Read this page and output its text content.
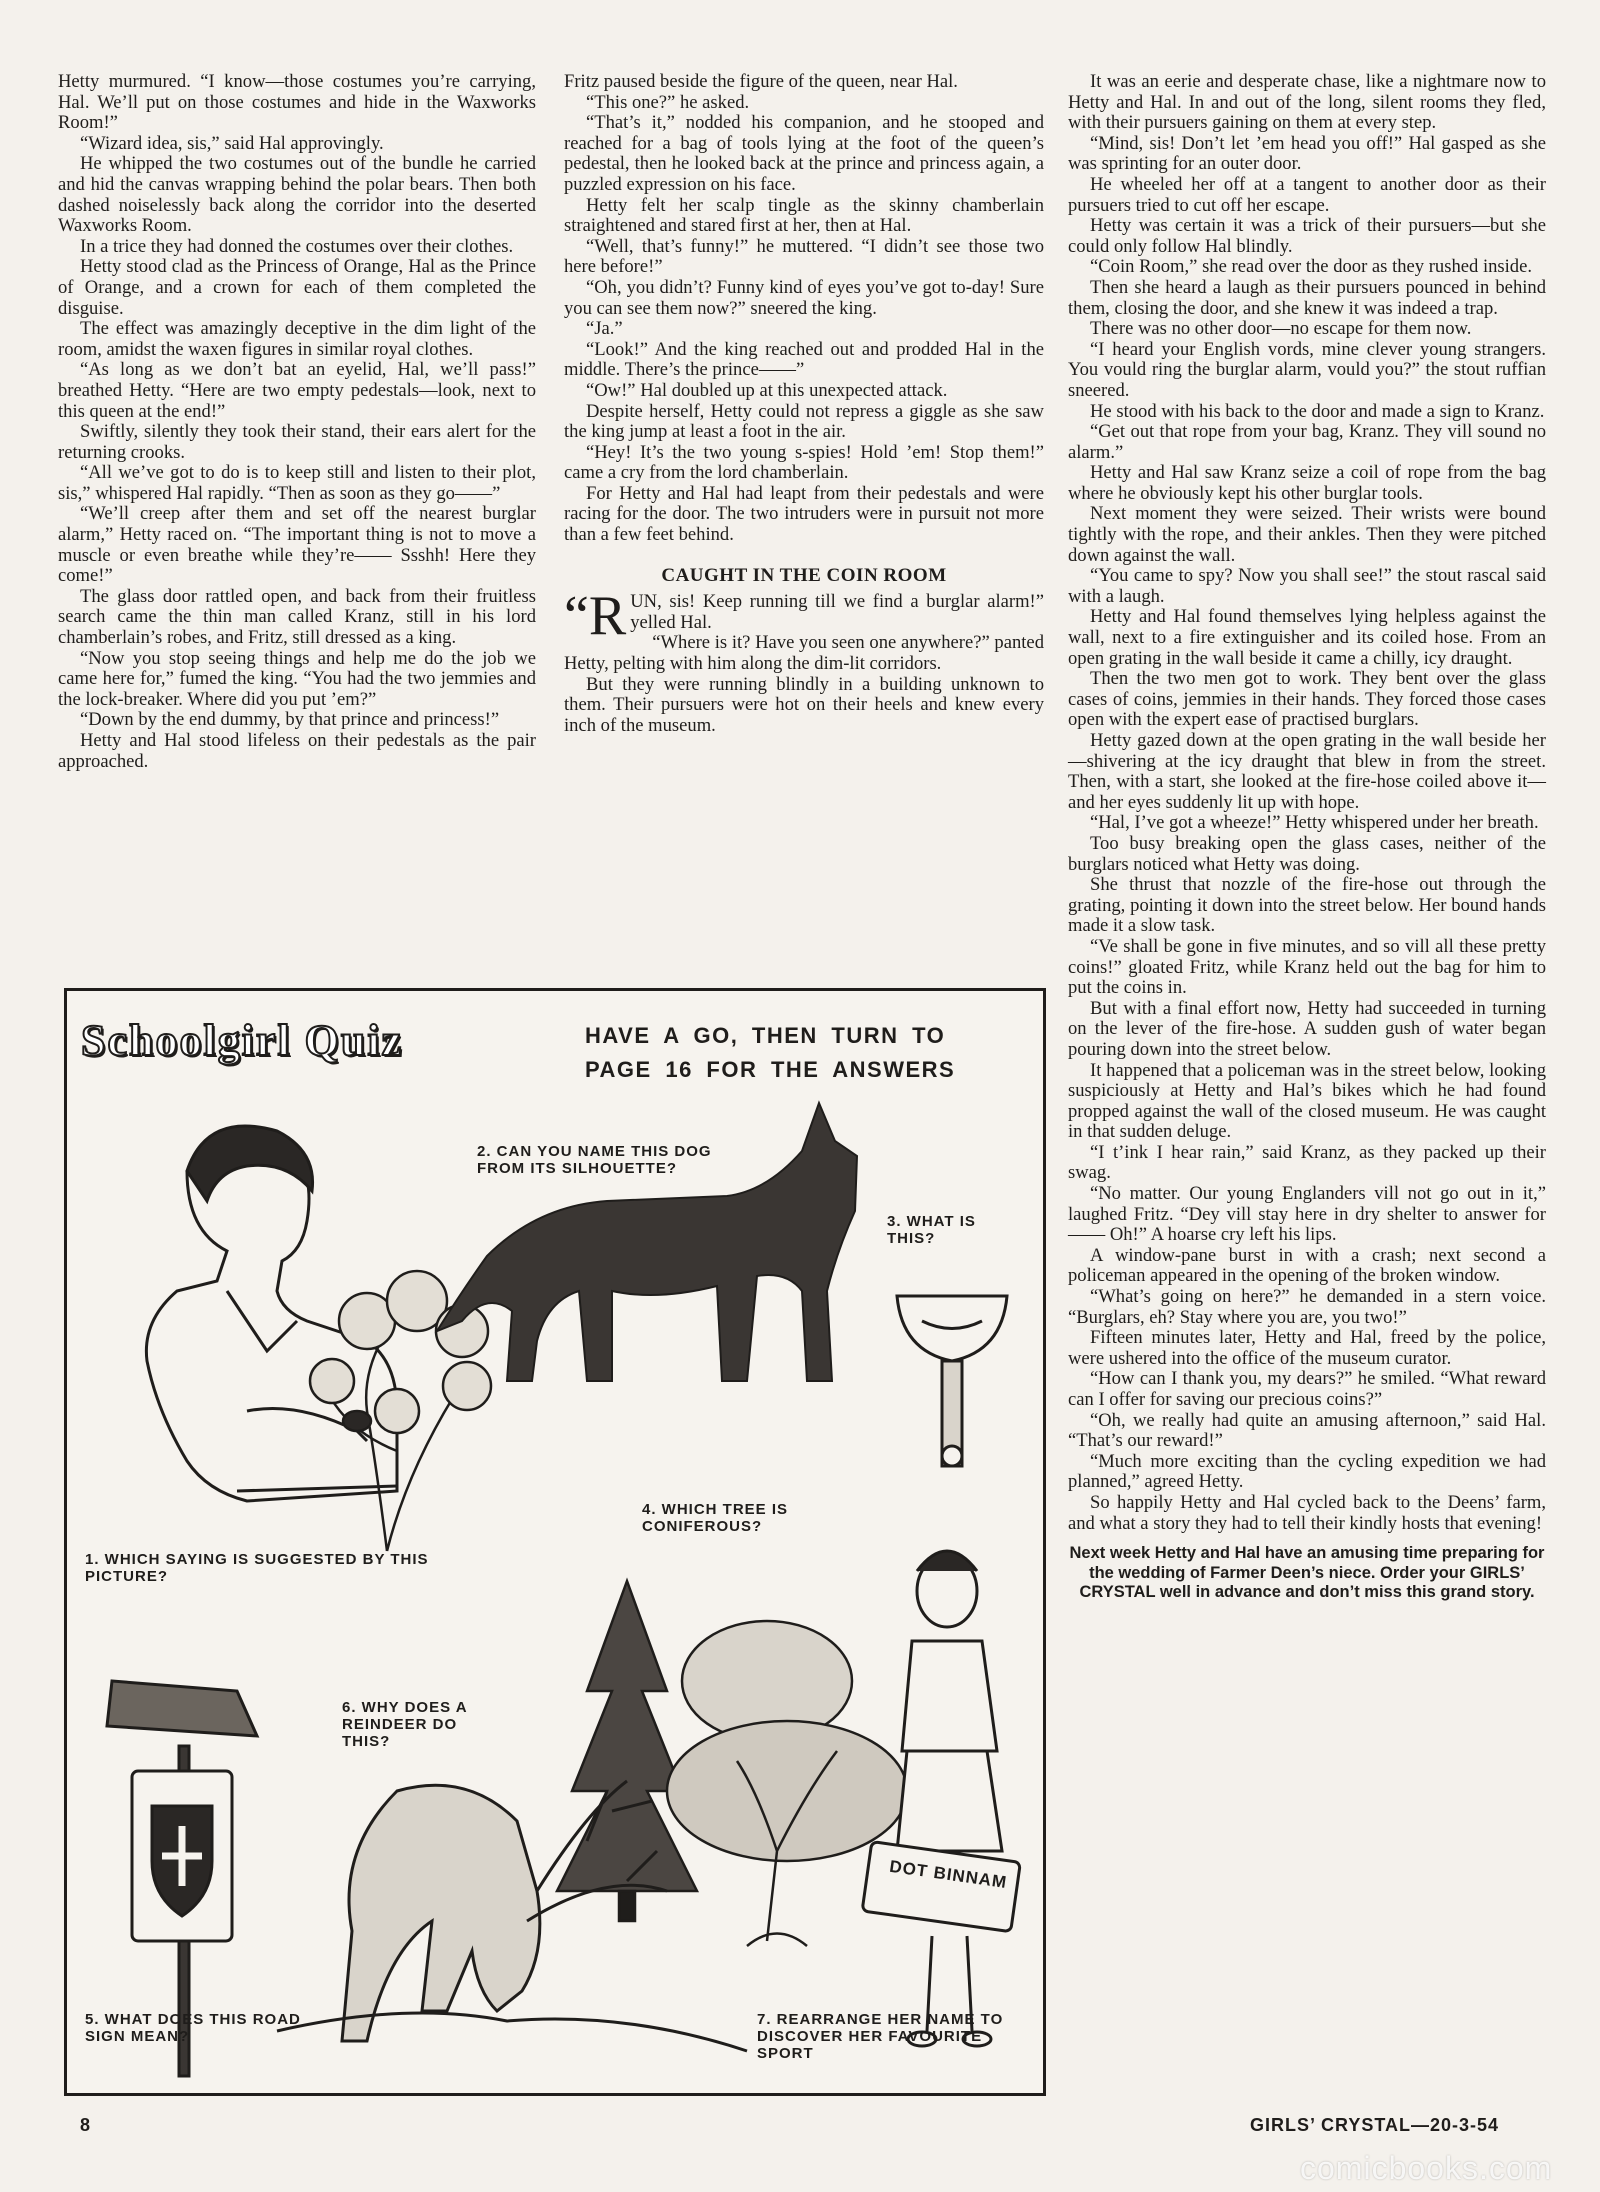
Hetty murmured. “I know—those costumes you’re carrying, Hal. We’ll put on those costumes and hide in the Waxworks Room!”

“Wizard idea, sis,” said Hal approvingly.

He whipped the two costumes out of the bundle he carried and hid the canvas wrapping behind the polar bears. Then both dashed noiselessly back along the corridor into the deserted Waxworks Room.

In a trice they had donned the costumes over their clothes.

Hetty stood clad as the Princess of Orange, Hal as the Prince of Orange, and a crown for each of them completed the disguise.

The effect was amazingly deceptive in the dim light of the room, amidst the waxen figures in similar royal clothes.

“As long as we don’t bat an eyelid, Hal, we’ll pass!” breathed Hetty. “Here are two empty pedestals—look, next to this queen at the end!”

Swiftly, silently they took their stand, their ears alert for the returning crooks.

“All we’ve got to do is to keep still and listen to their plot, sis,” whispered Hal rapidly. “Then as soon as they go——”

“We’ll creep after them and set off the nearest burglar alarm,” Hetty raced on. “The important thing is not to move a muscle or even breathe while they’re—— Ssshh! Here they come!”

The glass door rattled open, and back from their fruitless search came the thin man called Kranz, still in his lord chamberlain’s robes, and Fritz, still dressed as a king.

“Now you stop seeing things and help me do the job we came here for,” fumed the king. “You had the two jemmies and the lock-breaker. Where did you put ’em?”

“Down by the end dummy, by that prince and princess!”

Hetty and Hal stood lifeless on their pedestals as the pair approached.

Fritz paused beside the figure of the queen, near Hal.

“This one?” he asked.

“That’s it,” nodded his companion, and he stooped and reached for a bag of tools lying at the foot of the queen’s pedestal, then he looked back at the prince and princess again, a puzzled expression on his face.

Hetty felt her scalp tingle as the skinny chamberlain straightened and stared first at her, then at Hal.

“Well, that’s funny!” he muttered. “I didn’t see those two here before!”

“Oh, you didn’t? Funny kind of eyes you’ve got to-day! Sure you can see them now?” sneered the king.

“Ja.”

“Look!” And the king reached out and prodded Hal in the middle. There’s the prince——”

“Ow!” Hal doubled up at this unexpected attack.

Despite herself, Hetty could not repress a giggle as she saw the king jump at least a foot in the air.

“Hey! It’s the two young s-spies! Hold ’em! Stop them!” came a cry from the lord chamberlain.

For Hetty and Hal had leapt from their pedestals and were racing for the door. The two intruders were in pursuit not more than a few feet behind.

CAUGHT IN THE COIN ROOM

“RUN, sis! Keep running till we find a burglar alarm!” yelled Hal.

“Where is it? Have you seen one anywhere?” panted Hetty, pelting with him along the dim-lit corridors.

But they were running blindly in a building unknown to them. Their pursuers were hot on their heels and knew every inch of the museum.

It was an eerie and desperate chase, like a nightmare now to Hetty and Hal. In and out of the long, silent rooms they fled, with their pursuers gaining on them at every step.

“Mind, sis! Don’t let ’em head you off!” Hal gasped as she was sprinting for an outer door.

He wheeled her off at a tangent to another door as their pursuers tried to cut off her escape.

Hetty was certain it was a trick of their pursuers—but she could only follow Hal blindly.

“Coin Room,” she read over the door as they rushed inside.

Then she heard a laugh as their pursuers pounced in behind them, closing the door, and she knew it was indeed a trap.

There was no other door—no escape for them now.

“I heard your English vords, mine clever young strangers. You vould ring the burglar alarm, vould you?” the stout ruffian sneered.

He stood with his back to the door and made a sign to Kranz.

“Get out that rope from your bag, Kranz. They vill sound no alarm.”

Hetty and Hal saw Kranz seize a coil of rope from the bag where he obviously kept his other burglar tools.

Next moment they were seized. Their wrists were bound tightly with the rope, and their ankles. Then they were pitched down against the wall.

“You came to spy? Now you shall see!” the stout rascal said with a laugh.

Hetty and Hal found themselves lying helpless against the wall, next to a fire extinguisher and its coiled hose. From an open grating in the wall beside it came a chilly, icy draught.

Then the two men got to work. They bent over the glass cases of coins, jemmies in their hands. They forced those cases open with the expert ease of practised burglars.

Hetty gazed down at the open grating in the wall beside her—shivering at the icy draught that blew in from the street. Then, with a start, she looked at the fire-hose coiled above it—and her eyes suddenly lit up with hope.

“Hal, I’ve got a wheeze!” Hetty whispered under her breath.

Too busy breaking open the glass cases, neither of the burglars noticed what Hetty was doing.

She thrust that nozzle of the fire-hose out through the grating, pointing it down into the street below. Her bound hands made it a slow task.

“Ve shall be gone in five minutes, and so vill all these pretty coins!” gloated Fritz, while Kranz held out the bag for him to put the coins in.

But with a final effort now, Hetty had succeeded in turning on the lever of the fire-hose. A sudden gush of water began pouring down into the street below.

It happened that a policeman was in the street below, looking suspiciously at Hetty and Hal’s bikes which he had found propped against the wall of the closed museum. He was caught in that sudden deluge.

“I t’ink I hear rain,” said Kranz, as they packed up their swag.

“No matter. Our young Englanders vill not go out in it,” laughed Fritz. “Dey vill stay here in dry shelter to answer for—— Oh!” A hoarse cry left his lips.

A window-pane burst in with a crash; next second a policeman appeared in the opening of the broken window.

“What’s going on here?” he demanded in a stern voice. “Burglars, eh? Stay where you are, you two!”

Fifteen minutes later, Hetty and Hal, freed by the police, were ushered into the office of the museum curator.

“How can I thank you, my dears?” he smiled. “What reward can I offer for saving our precious coins?”

“Oh, we really had quite an amusing afternoon,” said Hal. “That’s our reward!”

“Much more exciting than the cycling expedition we had planned,” agreed Hetty.

So happily Hetty and Hal cycled back to the Deens’ farm, and what a story they had to tell their kindly hosts that evening!

Next week Hetty and Hal have an amusing time preparing for the wedding of Farmer Deen’s niece. Order your GIRLS’ CRYSTAL well in advance and don’t miss this grand story.

Schoolgirl Quiz	HAVE A GO, THEN TURN TO PAGE 16 FOR THE ANSWERS
2. CAN YOU NAME THIS DOG FROM ITS SILHOUETTE?
3. WHAT IS THIS?
1. WHICH SAYING IS SUGGESTED BY THIS PICTURE?
4. WHICH TREE IS CONIFEROUS?
6. WHY DOES A REINDEER DO THIS?
5. WHAT DOES THIS ROAD SIGN MEAN?
7. REARRANGE HER NAME TO DISCOVER HER FAVOURITE SPORT
DOT BINNAM
8	GIRLS’ CRYSTAL—20-3-54
comicbooks.com
